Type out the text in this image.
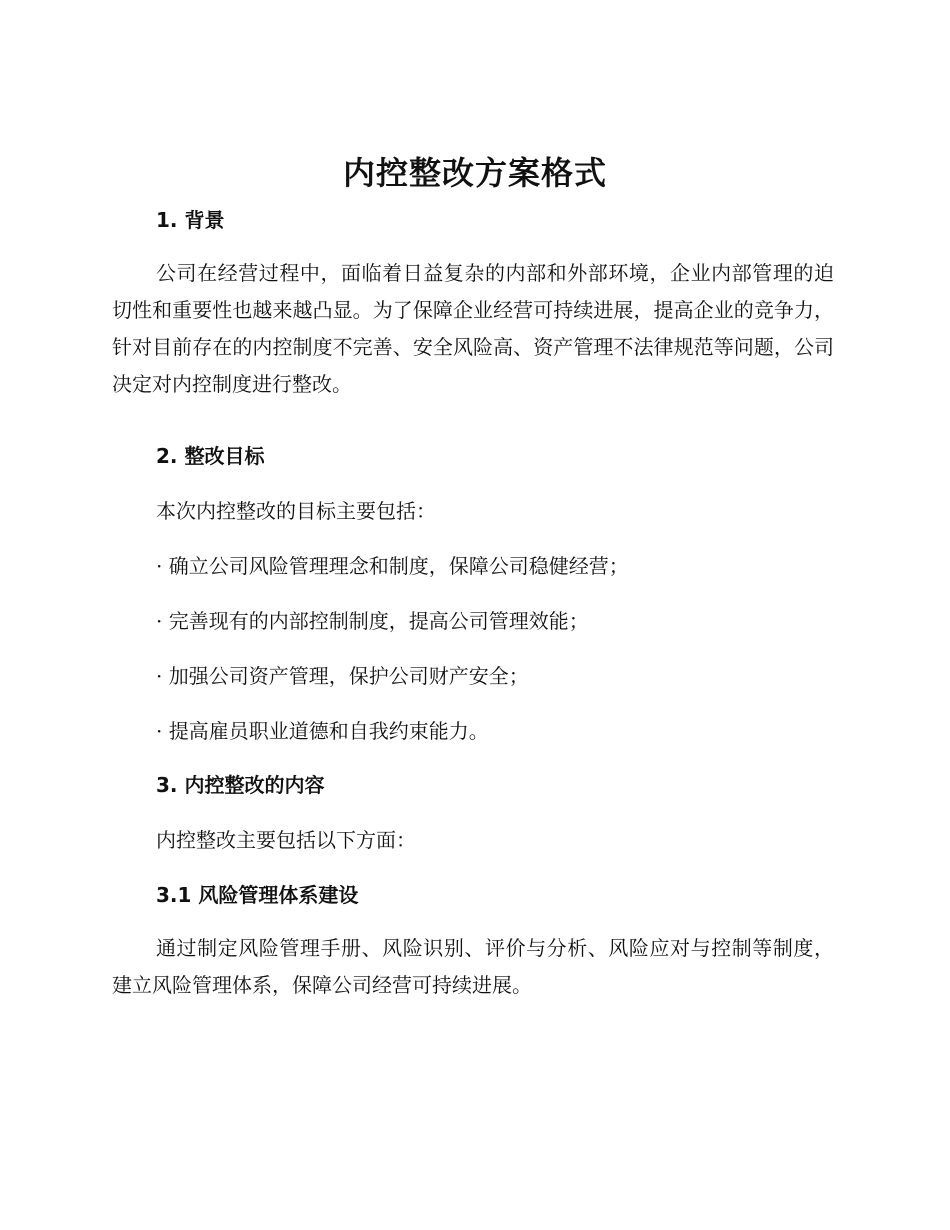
内控整改方案格式
1. 背景

公司在经营过程中，面临着日益复杂的内部和外部环境，企业内部管理的迫切性和重要性也越来越凸显。为了保障企业经营可持续进展，提高企业的竞争力，针对目前存在的内控制度不完善、安全风险高、资产管理不法律规范等问题，公司决定对内控制度进行整改。

2. 整改目标
本次内控整改的目标主要包括：
· 确立公司风险管理理念和制度，保障公司稳健经营；
· 完善现有的内部控制制度，提高公司管理效能；
· 加强公司资产管理，保护公司财产安全；
· 提高雇员职业道德和自我约束能力。
3. 内控整改的内容
内控整改主要包括以下方面：
3.1 风险管理体系建设

通过制定风险管理手册、风险识别、评价与分析、风险应对与控制等制度，建立风险管理体系，保障公司经营可持续进展。
